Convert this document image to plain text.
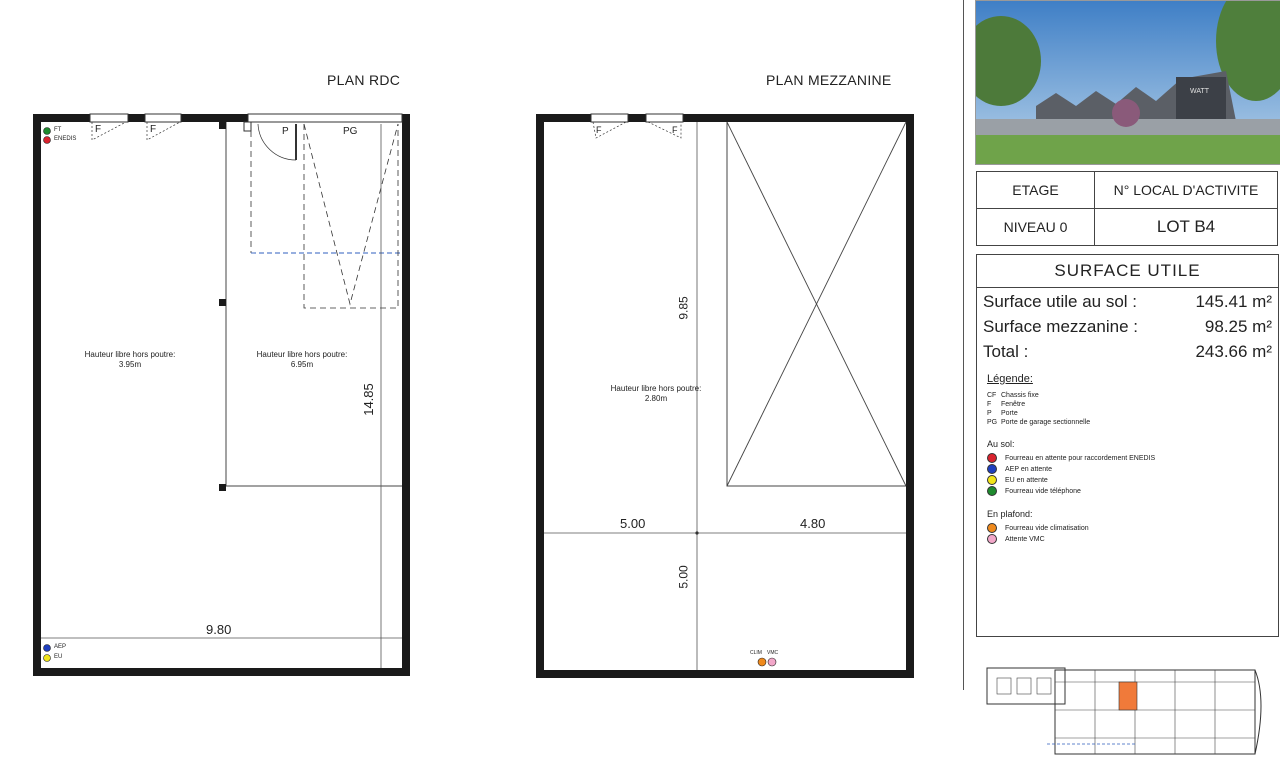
PLAN RDC
FT
ENEDIS
AEP
EU
F	F	P	PG
Hauteur libre hors poutre:
3.95m
Hauteur libre hors poutre:
6.95m
14.85
9.80
PLAN MEZZANINE
F	F
Hauteur libre hors poutre:
2.80m
9.85
5.00	4.80
5.00
CLIM VMC
WATT
ETAGE	N° LOCAL D'ACTIVITE
NIVEAU 0	LOT B4
SURFACE UTILE
Surface utile au sol :	145.41 m²
Surface mezzanine :	98.25 m²
Total :	243.66 m²
Légende:
CF Chassis fixe
F Fenêtre
P Porte
PG Porte de garage sectionnelle
Au sol:
Fourreau en attente pour raccordement ENEDIS
AEP en attente
EU en attente
Fourreau vide téléphone
En plafond:
Fourreau vide climatisation
Attente VMC
